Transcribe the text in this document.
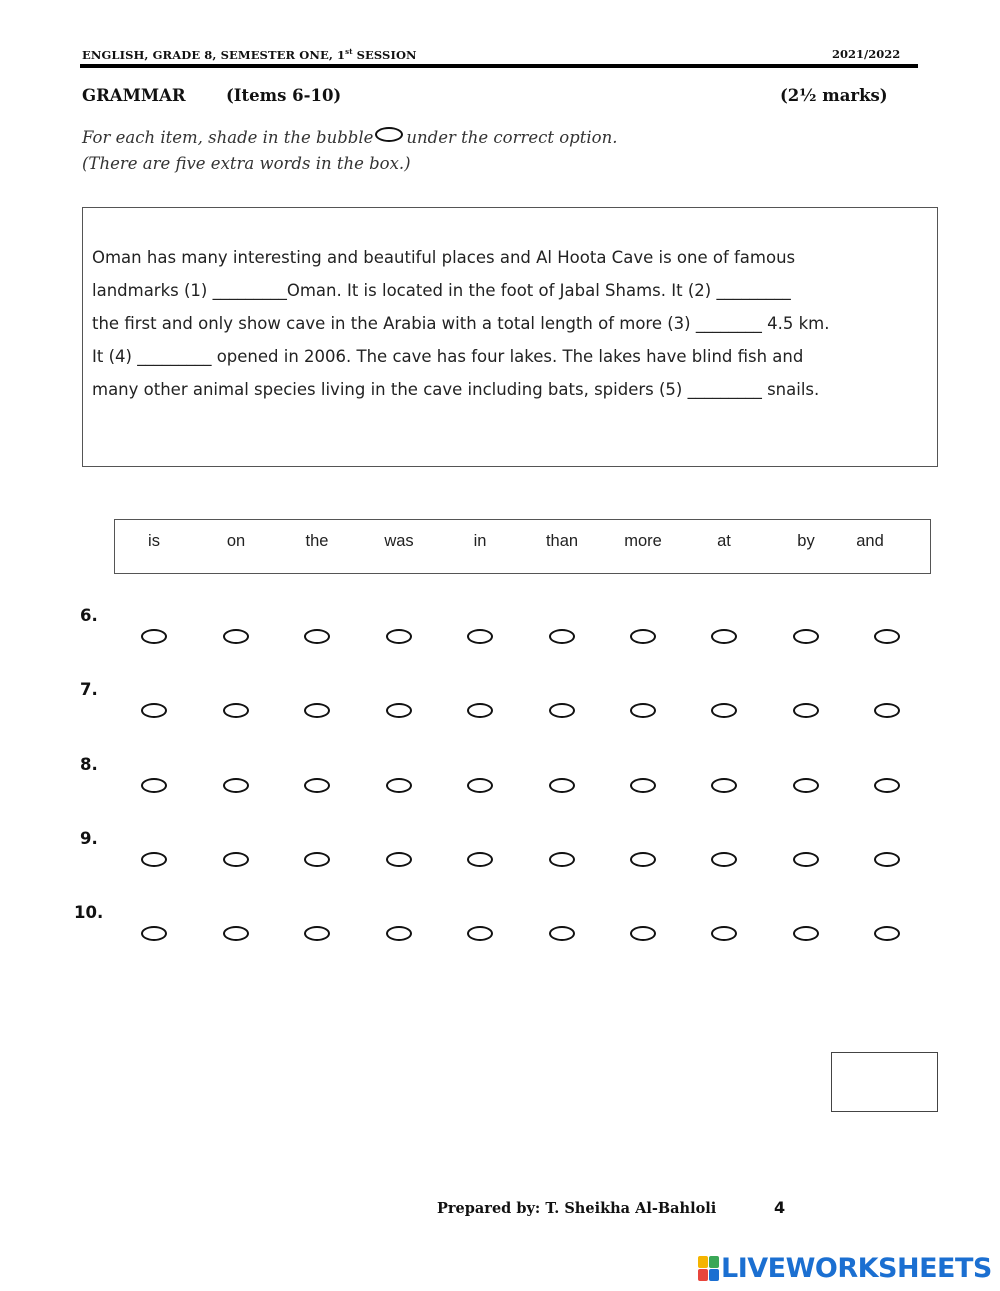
ENGLISH, GRADE 8, SEMESTER ONE, 1st SESSION	2021/2022
GRAMMAR (Items 6-10)	(2½ marks)
For each item, shade in the bubble under the correct option.
(There are five extra words in the box.)

Oman has many interesting and beautiful places and Al Hoota Cave is one of famous

landmarks (1) _________Oman. It is located in the foot of Jabal Shams. It (2) _________

the first and only show cave in the Arabia with a total length of more (3) ________ 4.5 km.

It (4) _________ opened in 2006. The cave has four lakes. The lakes have blind fish and

many other animal species living in the cave including bats, spiders (5) _________ snails.

is	on	the	was	in	than	more	at	by	and
6.
7.
8.
9.
10.
Prepared by: T. Sheikha Al-Bahloli	4
LIVEWORKSHEETS
